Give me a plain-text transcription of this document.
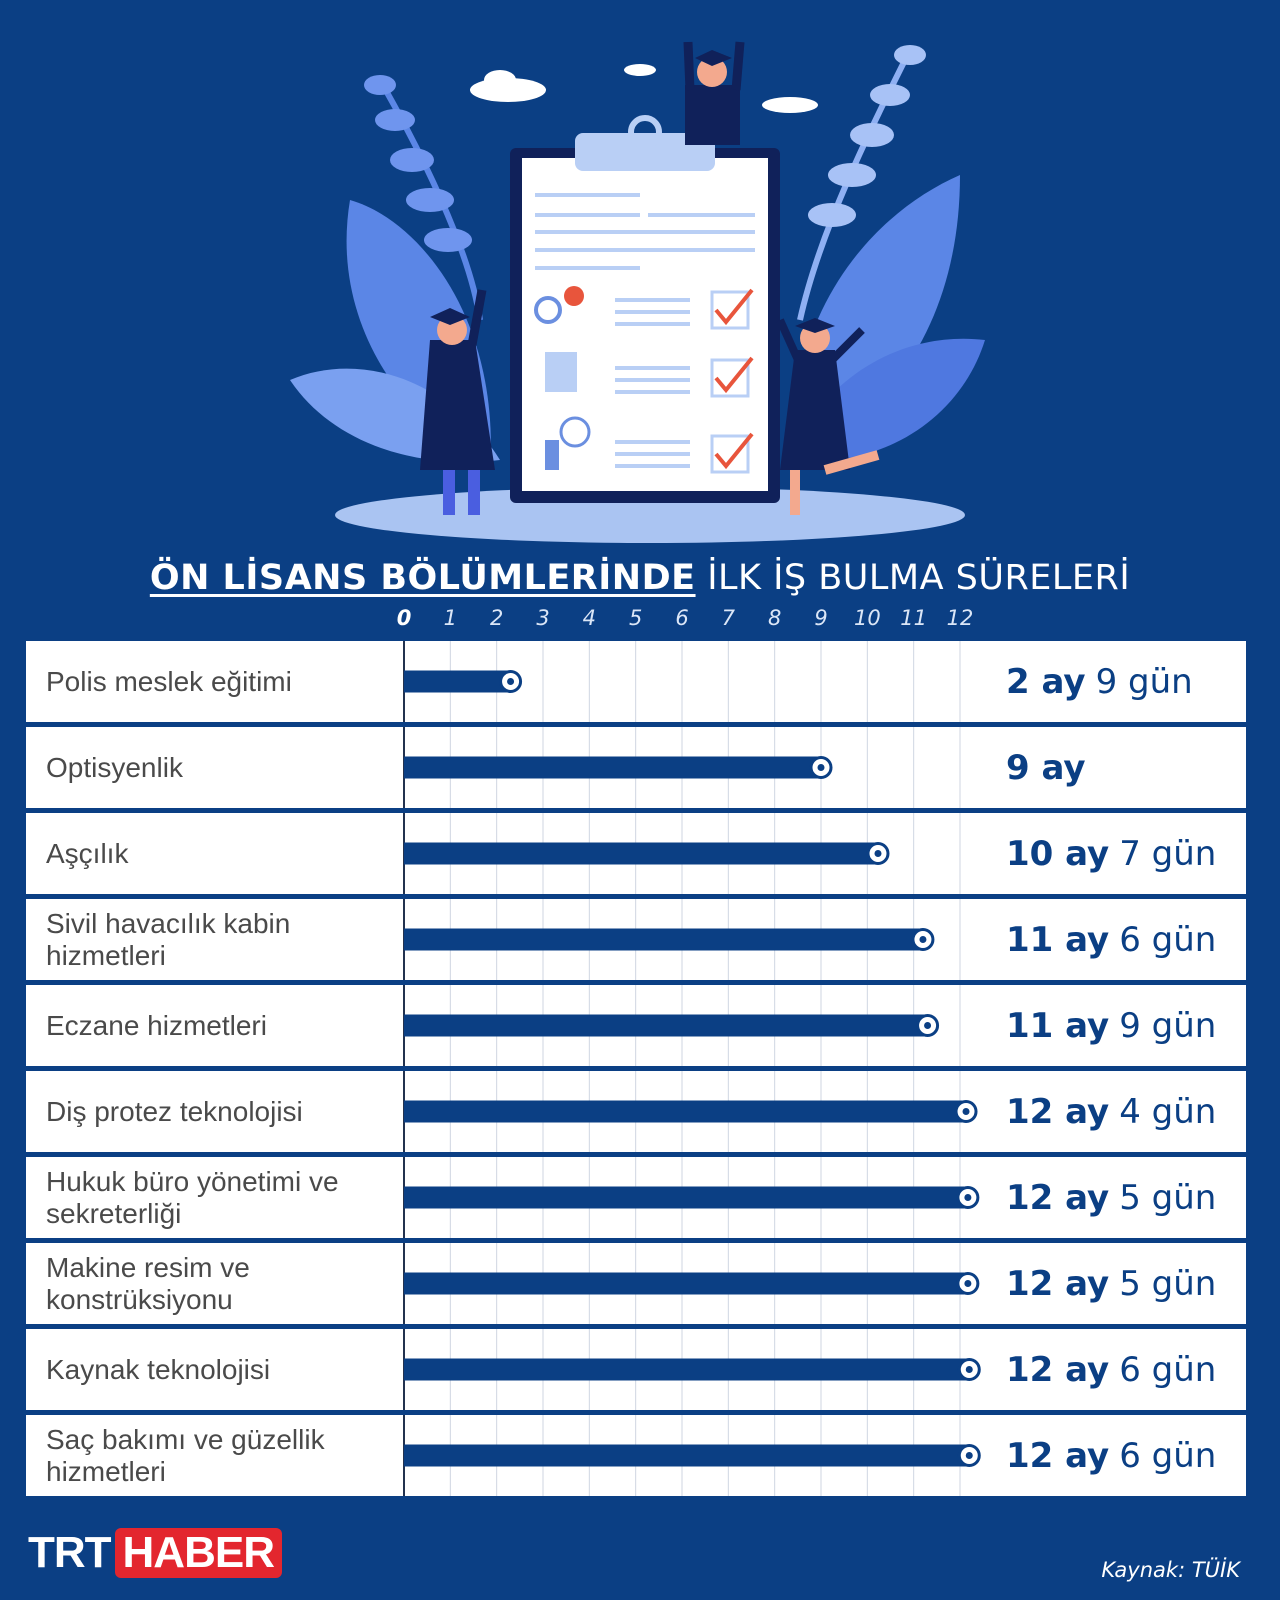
ÖN LİSANS BÖLÜMLERİNDE İLK İŞ BULMA SÜRELERİ
0 1 2 3 4 5 6 7 8 9 10 11 12
Polis meslek eğitimi	2 ay 9 gün
Optisyenlik	9 ay
Aşçılık	10 ay 7 gün
Sivil havacılık kabin hizmetleri	11 ay 6 gün
Eczane hizmetleri	11 ay 9 gün
Diş protez teknolojisi	12 ay 4 gün
Hukuk büro yönetimi ve sekreterliği	12 ay 5 gün
Makine resim ve konstrüksiyonu	12 ay 5 gün
Kaynak teknolojisi	12 ay 6 gün
Saç bakımı ve güzellik hizmetleri	12 ay 6 gün
TRT HABER	Kaynak: TÜİK
